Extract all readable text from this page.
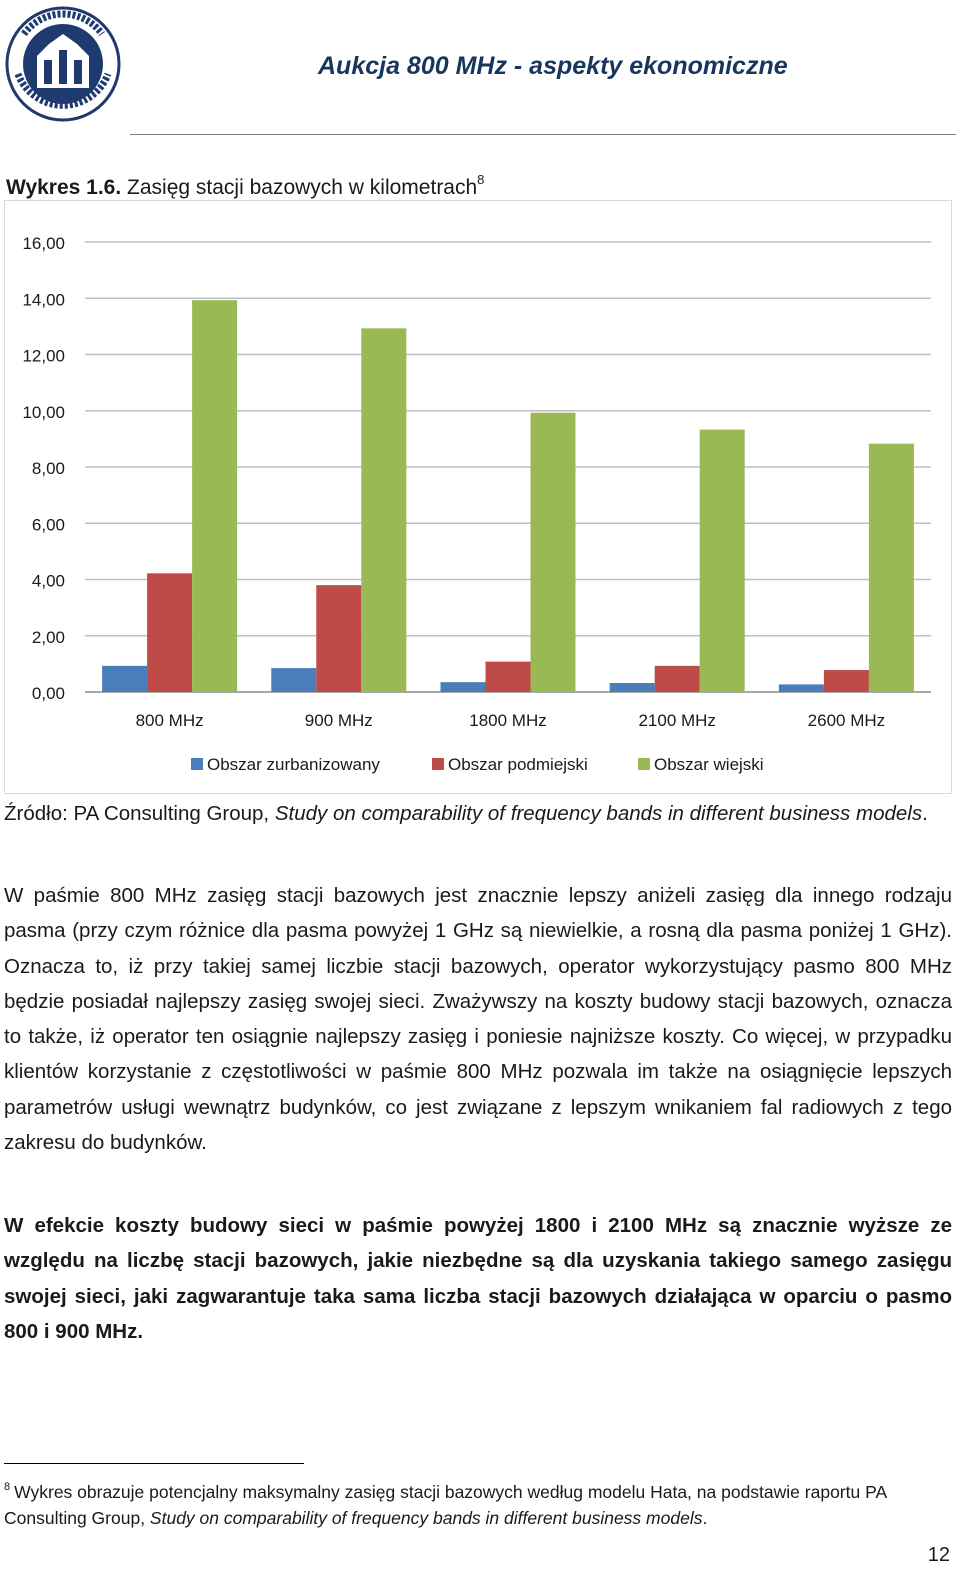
Aukcja 800 MHz - aspekty ekonomiczne
Wykres 1.6. Zasięg stacji bazowych w kilometrach$^8$
16,00
14,00
12,00
10,00
8,00
6,00
4,00
2,00
0,00
800 MHz	900 MHz	1800 MHz	2100 MHz	2600 MHz
Obszar zurbanizowany	Obszar podmiejski	Obszar wiejski
Źródło: PA Consulting Group, Study on comparability of frequency bands in different business models.
W paśmie 800 MHz zasięg stacji bazowych jest znacznie lepszy aniżeli zasięg dla innego rodzaju pasma (przy czym różnice dla pasma powyżej 1 GHz są niewielkie, a rosną dla pasma poniżej 1 GHz). Oznacza to, iż przy takiej samej liczbie stacji bazowych, operator wykorzystujący pasmo 800 MHz będzie posiadał najlepszy zasięg swojej sieci. Zważywszy na koszty budowy stacji bazowych, oznacza to także, iż operator ten osiągnie najlepszy zasięg i poniesie najniższe koszty. Co więcej, w przypadku klientów korzystanie z częstotliwości w paśmie 800 MHz pozwala im także na osiągnięcie lepszych parametrów usługi wewnątrz budynków, co jest związane z lepszym wnikaniem fal radiowych z tego zakresu do budynków.
W efekcie koszty budowy sieci w paśmie powyżej 1800 i 2100 MHz są znacznie wyższe ze względu na liczbę stacji bazowych, jakie niezbędne są dla uzyskania takiego samego zasięgu swojej sieci, jaki zagwarantuje taka sama liczba stacji bazowych działająca w oparciu o pasmo 800 i 900 MHz.
$^8$ Wykres obrazuje potencjalny maksymalny zasięg stacji bazowych według modelu Hata, na podstawie raportu PA Consulting Group, Study on comparability of frequency bands in different business models.
12
